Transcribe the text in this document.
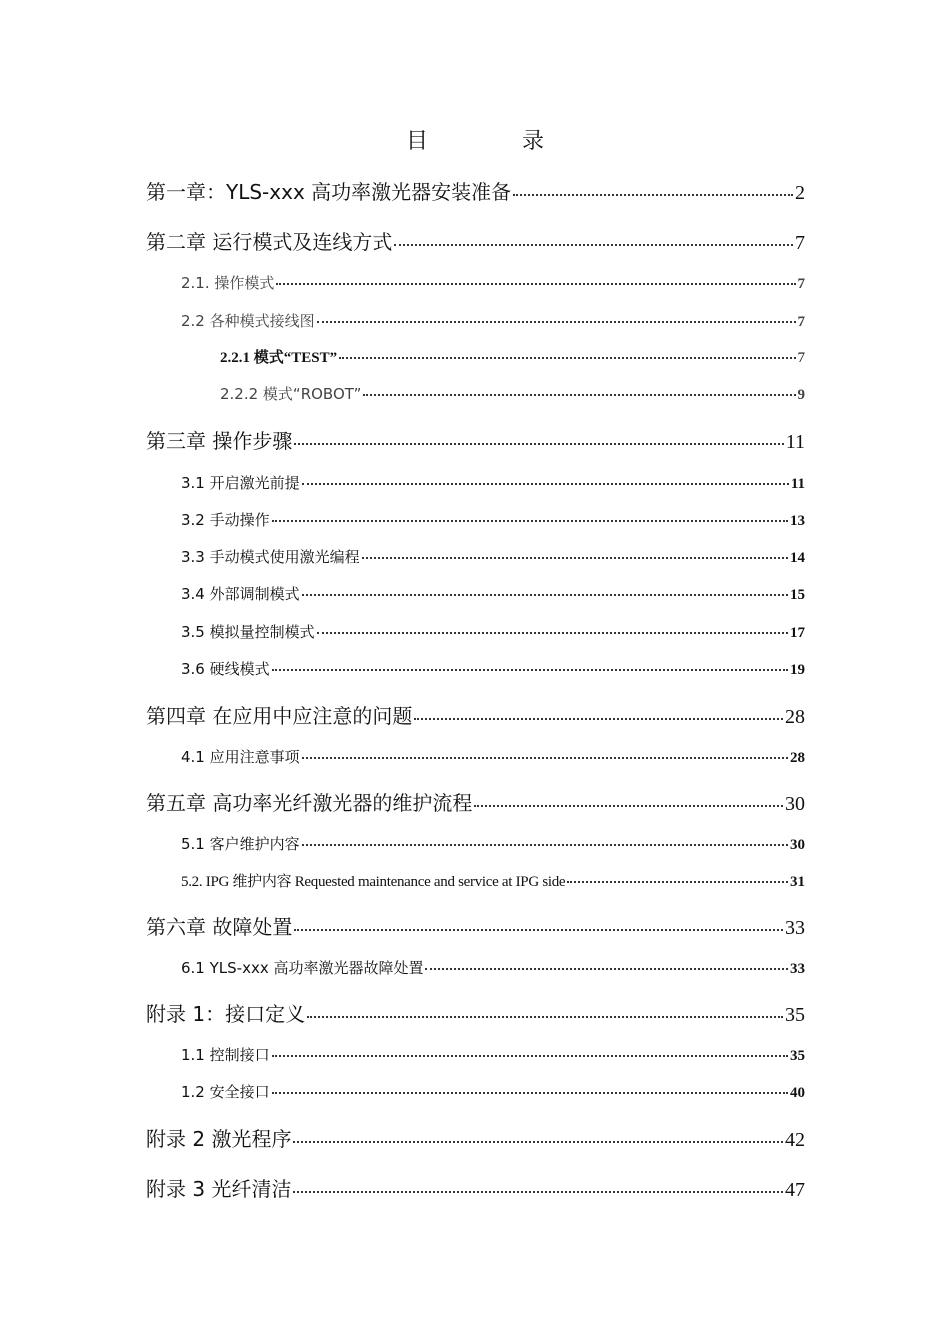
目　录
第一章：YLS-xxx 高功率激光器安装准备	2
第二章 运行模式及连线方式	7
2.1. 操作模式	7
2.2 各种模式接线图	7
2.2.1 模式“TEST”	7
2.2.2 模式“ROBOT”	9
第三章 操作步骤	11
3.1 开启激光前提	11
3.2 手动操作	13
3.3 手动模式使用激光编程	14
3.4 外部调制模式	15
3.5 模拟量控制模式	17
3.6 硬线模式	19
第四章 在应用中应注意的问题	28
4.1 应用注意事项	28
第五章 高功率光纤激光器的维护流程	30
5.1 客户维护内容	30
5.2. IPG 维护内容 Requested maintenance and service at IPG side	31
第六章 故障处置	33
6.1 YLS-xxx 高功率激光器故障处置	33
附录 1：接口定义	35
1.1 控制接口	35
1.2 安全接口	40
附录 2 激光程序	42
附录 3 光纤清洁	47
